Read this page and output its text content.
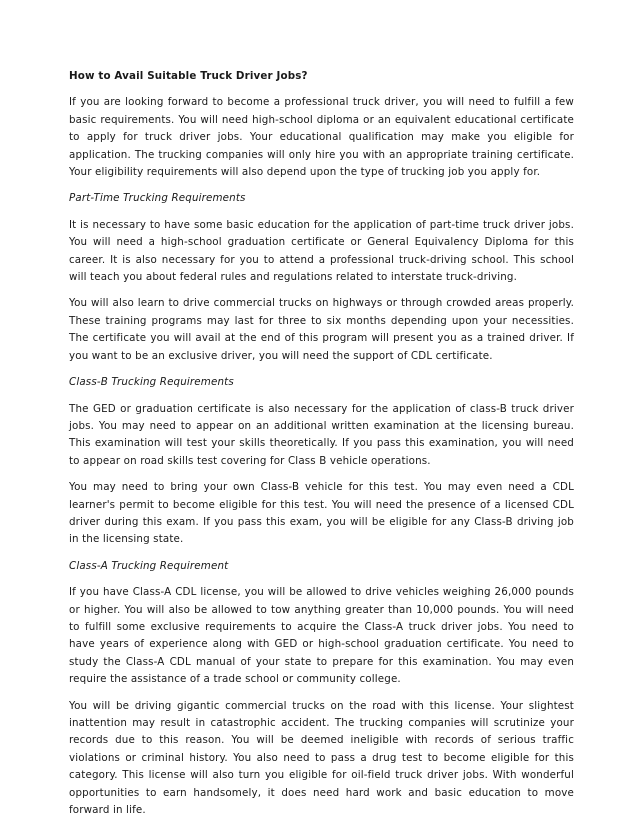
How to Avail Suitable Truck Driver Jobs?

If you are looking forward to become a professional truck driver, you will need to fulfill a few basic requirements. You will need high-school diploma or an equivalent educational certificate to apply for truck driver jobs. Your educational qualification may make you eligible for application. The trucking companies will only hire you with an appropriate training certificate. Your eligibility requirements will also depend upon the type of trucking job you apply for.

Part-Time Trucking Requirements

It is necessary to have some basic education for the application of part-time truck driver jobs. You will need a high-school graduation certificate or General Equivalency Diploma for this career. It is also necessary for you to attend a professional truck-driving school. This school will teach you about federal rules and regulations related to interstate truck-driving.

You will also learn to drive commercial trucks on highways or through crowded areas properly. These training programs may last for three to six months depending upon your necessities. The certificate you will avail at the end of this program will present you as a trained driver. If you want to be an exclusive driver, you will need the support of CDL certificate.

Class-B Trucking Requirements

The GED or graduation certificate is also necessary for the application of class-B truck driver jobs. You may need to appear on an additional written examination at the licensing bureau. This examination will test your skills theoretically. If you pass this examination, you will need to appear on road skills test covering for Class B vehicle operations.

You may need to bring your own Class-B vehicle for this test. You may even need a CDL learner's permit to become eligible for this test. You will need the presence of a licensed CDL driver during this exam. If you pass this exam, you will be eligible for any Class-B driving job in the licensing state.

Class-A Trucking Requirement

If you have Class-A CDL license, you will be allowed to drive vehicles weighing 26,000 pounds or higher. You will also be allowed to tow anything greater than 10,000 pounds. You will need to fulfill some exclusive requirements to acquire the Class-A truck driver jobs. You need to have years of experience along with GED or high-school graduation certificate. You need to study the Class-A CDL manual of your state to prepare for this examination. You may even require the assistance of a trade school or community college.

You will be driving gigantic commercial trucks on the road with this license. Your slightest inattention may result in catastrophic accident. The trucking companies will scrutinize your records due to this reason. You will be deemed ineligible with records of serious traffic violations or criminal history. You also need to pass a drug test to become eligible for this category. This license will also turn you eligible for oil-field truck driver jobs. With wonderful opportunities to earn handsomely, it does need hard work and basic education to move forward in life.
